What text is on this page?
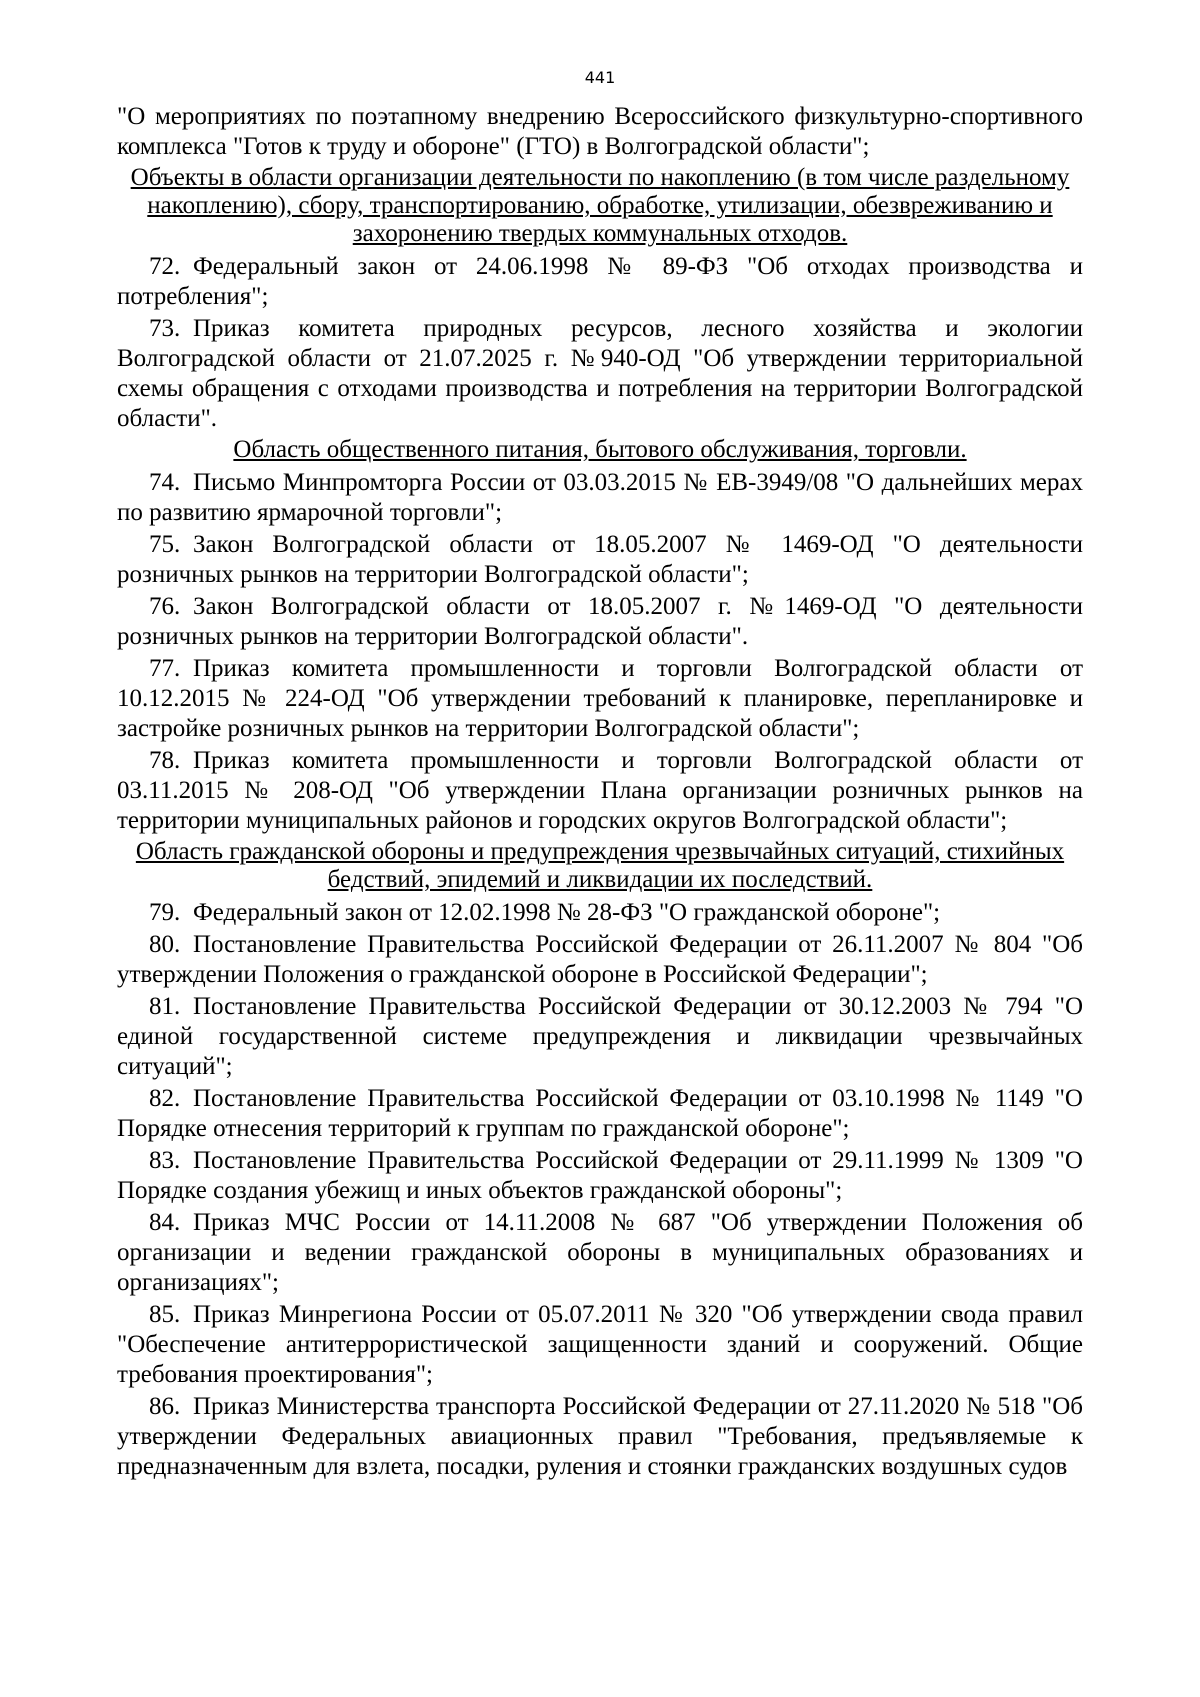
441

"О мероприятиях по поэтапному внедрению Всероссийского физкультурно-спортивного комплекса "Готов к труду и обороне" (ГТО) в Волгоградской области";

Объекты в области организации деятельности по накоплению (в том числе раздельному накоплению), сбору, транспортированию, обработке, утилизации, обезвреживанию и захоронению твердых коммунальных отходов.

72. Федеральный закон от 24.06.1998 № 89-ФЗ "Об отходах производства и потребления";

73. Приказ комитета природных ресурсов, лесного хозяйства и экологии Волгоградской области от 21.07.2025 г. №940-ОД "Об утверждении территориальной схемы обращения с отходами производства и потребления на территории Волгоградской области".

Область общественного питания, бытового обслуживания, торговли.

74. Письмо Минпромторга России от 03.03.2015 № ЕВ-3949/08 "О дальнейших мерах по развитию ярмарочной торговли";

75. Закон Волгоградской области от 18.05.2007 № 1469-ОД "О деятельности розничных рынков на территории Волгоградской области";

76. Закон Волгоградской области от 18.05.2007 г. №1469-ОД "О деятельности розничных рынков на территории Волгоградской области".

77. Приказ комитета промышленности и торговли Волгоградской области от 10.12.2015 № 224-ОД "Об утверждении требований к планировке, перепланировке и застройке розничных рынков на территории Волгоградской области";

78. Приказ комитета промышленности и торговли Волгоградской области от 03.11.2015 № 208-ОД "Об утверждении Плана организации розничных рынков на территории муниципальных районов и городских округов Волгоградской области";

Область гражданской обороны и предупреждения чрезвычайных ситуаций, стихийных бедствий, эпидемий и ликвидации их последствий.

79. Федеральный закон от 12.02.1998 № 28-ФЗ "О гражданской обороне";

80. Постановление Правительства Российской Федерации от 26.11.2007 № 804 "Об утверждении Положения о гражданской обороне в Российской Федерации";

81. Постановление Правительства Российской Федерации от 30.12.2003 № 794 "О единой государственной системе предупреждения и ликвидации чрезвычайных ситуаций";

82. Постановление Правительства Российской Федерации от 03.10.1998 № 1149 "О Порядке отнесения территорий к группам по гражданской обороне";

83. Постановление Правительства Российской Федерации от 29.11.1999 № 1309 "О Порядке создания убежищ и иных объектов гражданской обороны";

84. Приказ МЧС России от 14.11.2008 № 687 "Об утверждении Положения об организации и ведении гражданской обороны в муниципальных образованиях и организациях";

85. Приказ Минрегиона России от 05.07.2011 № 320 "Об утверждении свода правил "Обеспечение антитеррористической защищенности зданий и сооружений. Общие требования проектирования";

86. Приказ Министерства транспорта Российской Федерации от 27.11.2020 № 518 "Об утверждении Федеральных авиационных правил "Требования, предъявляемые к предназначенным для взлета, посадки, руления и стоянки гражданских воздушных судов
